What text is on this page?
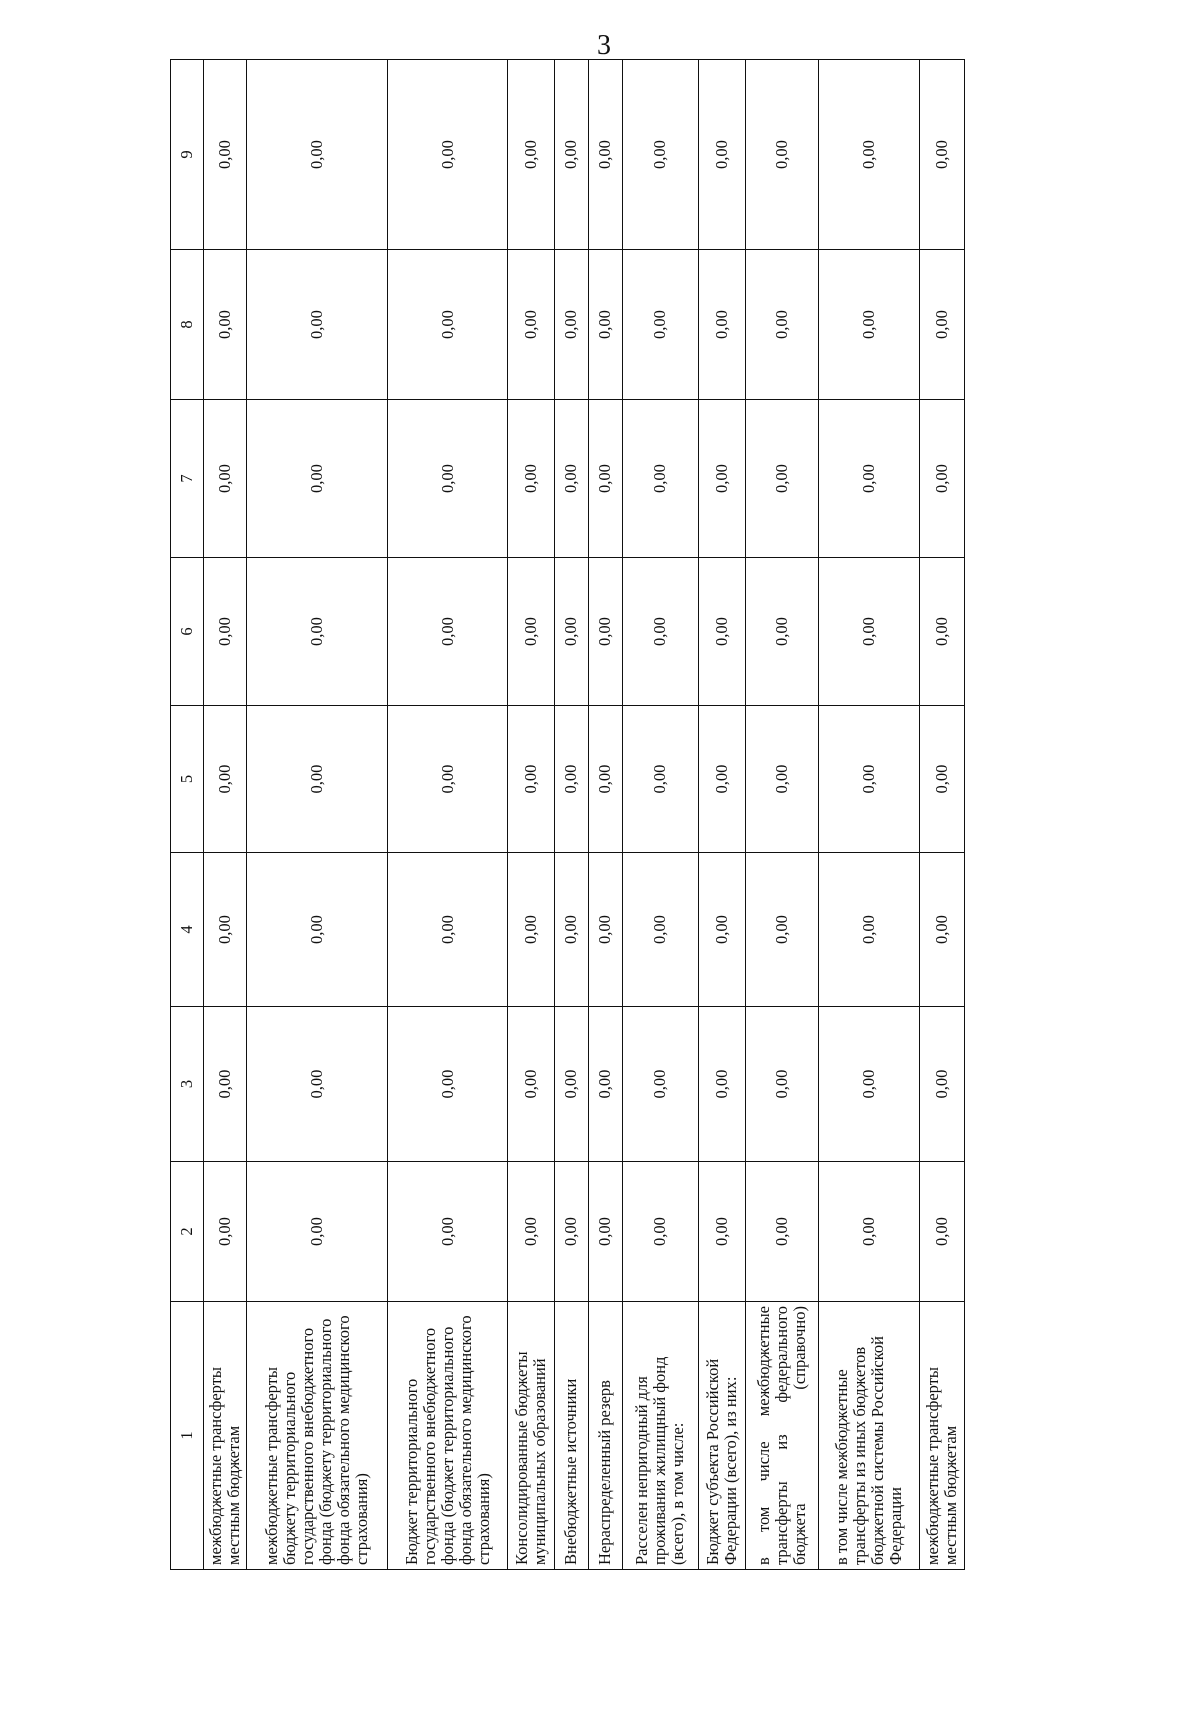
3
1	2	3	4	5	6	7	8	9
межбюджетные трансферты местным бюджетам	0,00	0,00	0,00	0,00	0,00	0,00	0,00	0,00
межбюджетные трансферты бюджету территориального государственного внебюджетного фонда (бюджету территориального фонда обязательного медицинского страхования)	0,00	0,00	0,00	0,00	0,00	0,00	0,00	0,00
Бюджет территориального государственного внебюджетного фонда (бюджет территориального фонда обязательного медицинского страхования)	0,00	0,00	0,00	0,00	0,00	0,00	0,00	0,00
Консолидированные бюджеты муниципальных образований	0,00	0,00	0,00	0,00	0,00	0,00	0,00	0,00
Внебюджетные источники	0,00	0,00	0,00	0,00	0,00	0,00	0,00	0,00
Нераспределенный резерв	0,00	0,00	0,00	0,00	0,00	0,00	0,00	0,00
Расселен непригодный для проживания жилищный фонд (всего), в том числе:	0,00	0,00	0,00	0,00	0,00	0,00	0,00	0,00
Бюджет субъекта Российской Федерации (всего), из них:	0,00	0,00	0,00	0,00	0,00	0,00	0,00	0,00
в том числе межбюджетные трансферты из федерального бюджета (справочно)	0,00	0,00	0,00	0,00	0,00	0,00	0,00	0,00
в том числе межбюджетные трансферты из иных бюджетов бюджетной системы Российской Федерации	0,00	0,00	0,00	0,00	0,00	0,00	0,00	0,00
межбюджетные трансферты местным бюджетам	0,00	0,00	0,00	0,00	0,00	0,00	0,00	0,00
